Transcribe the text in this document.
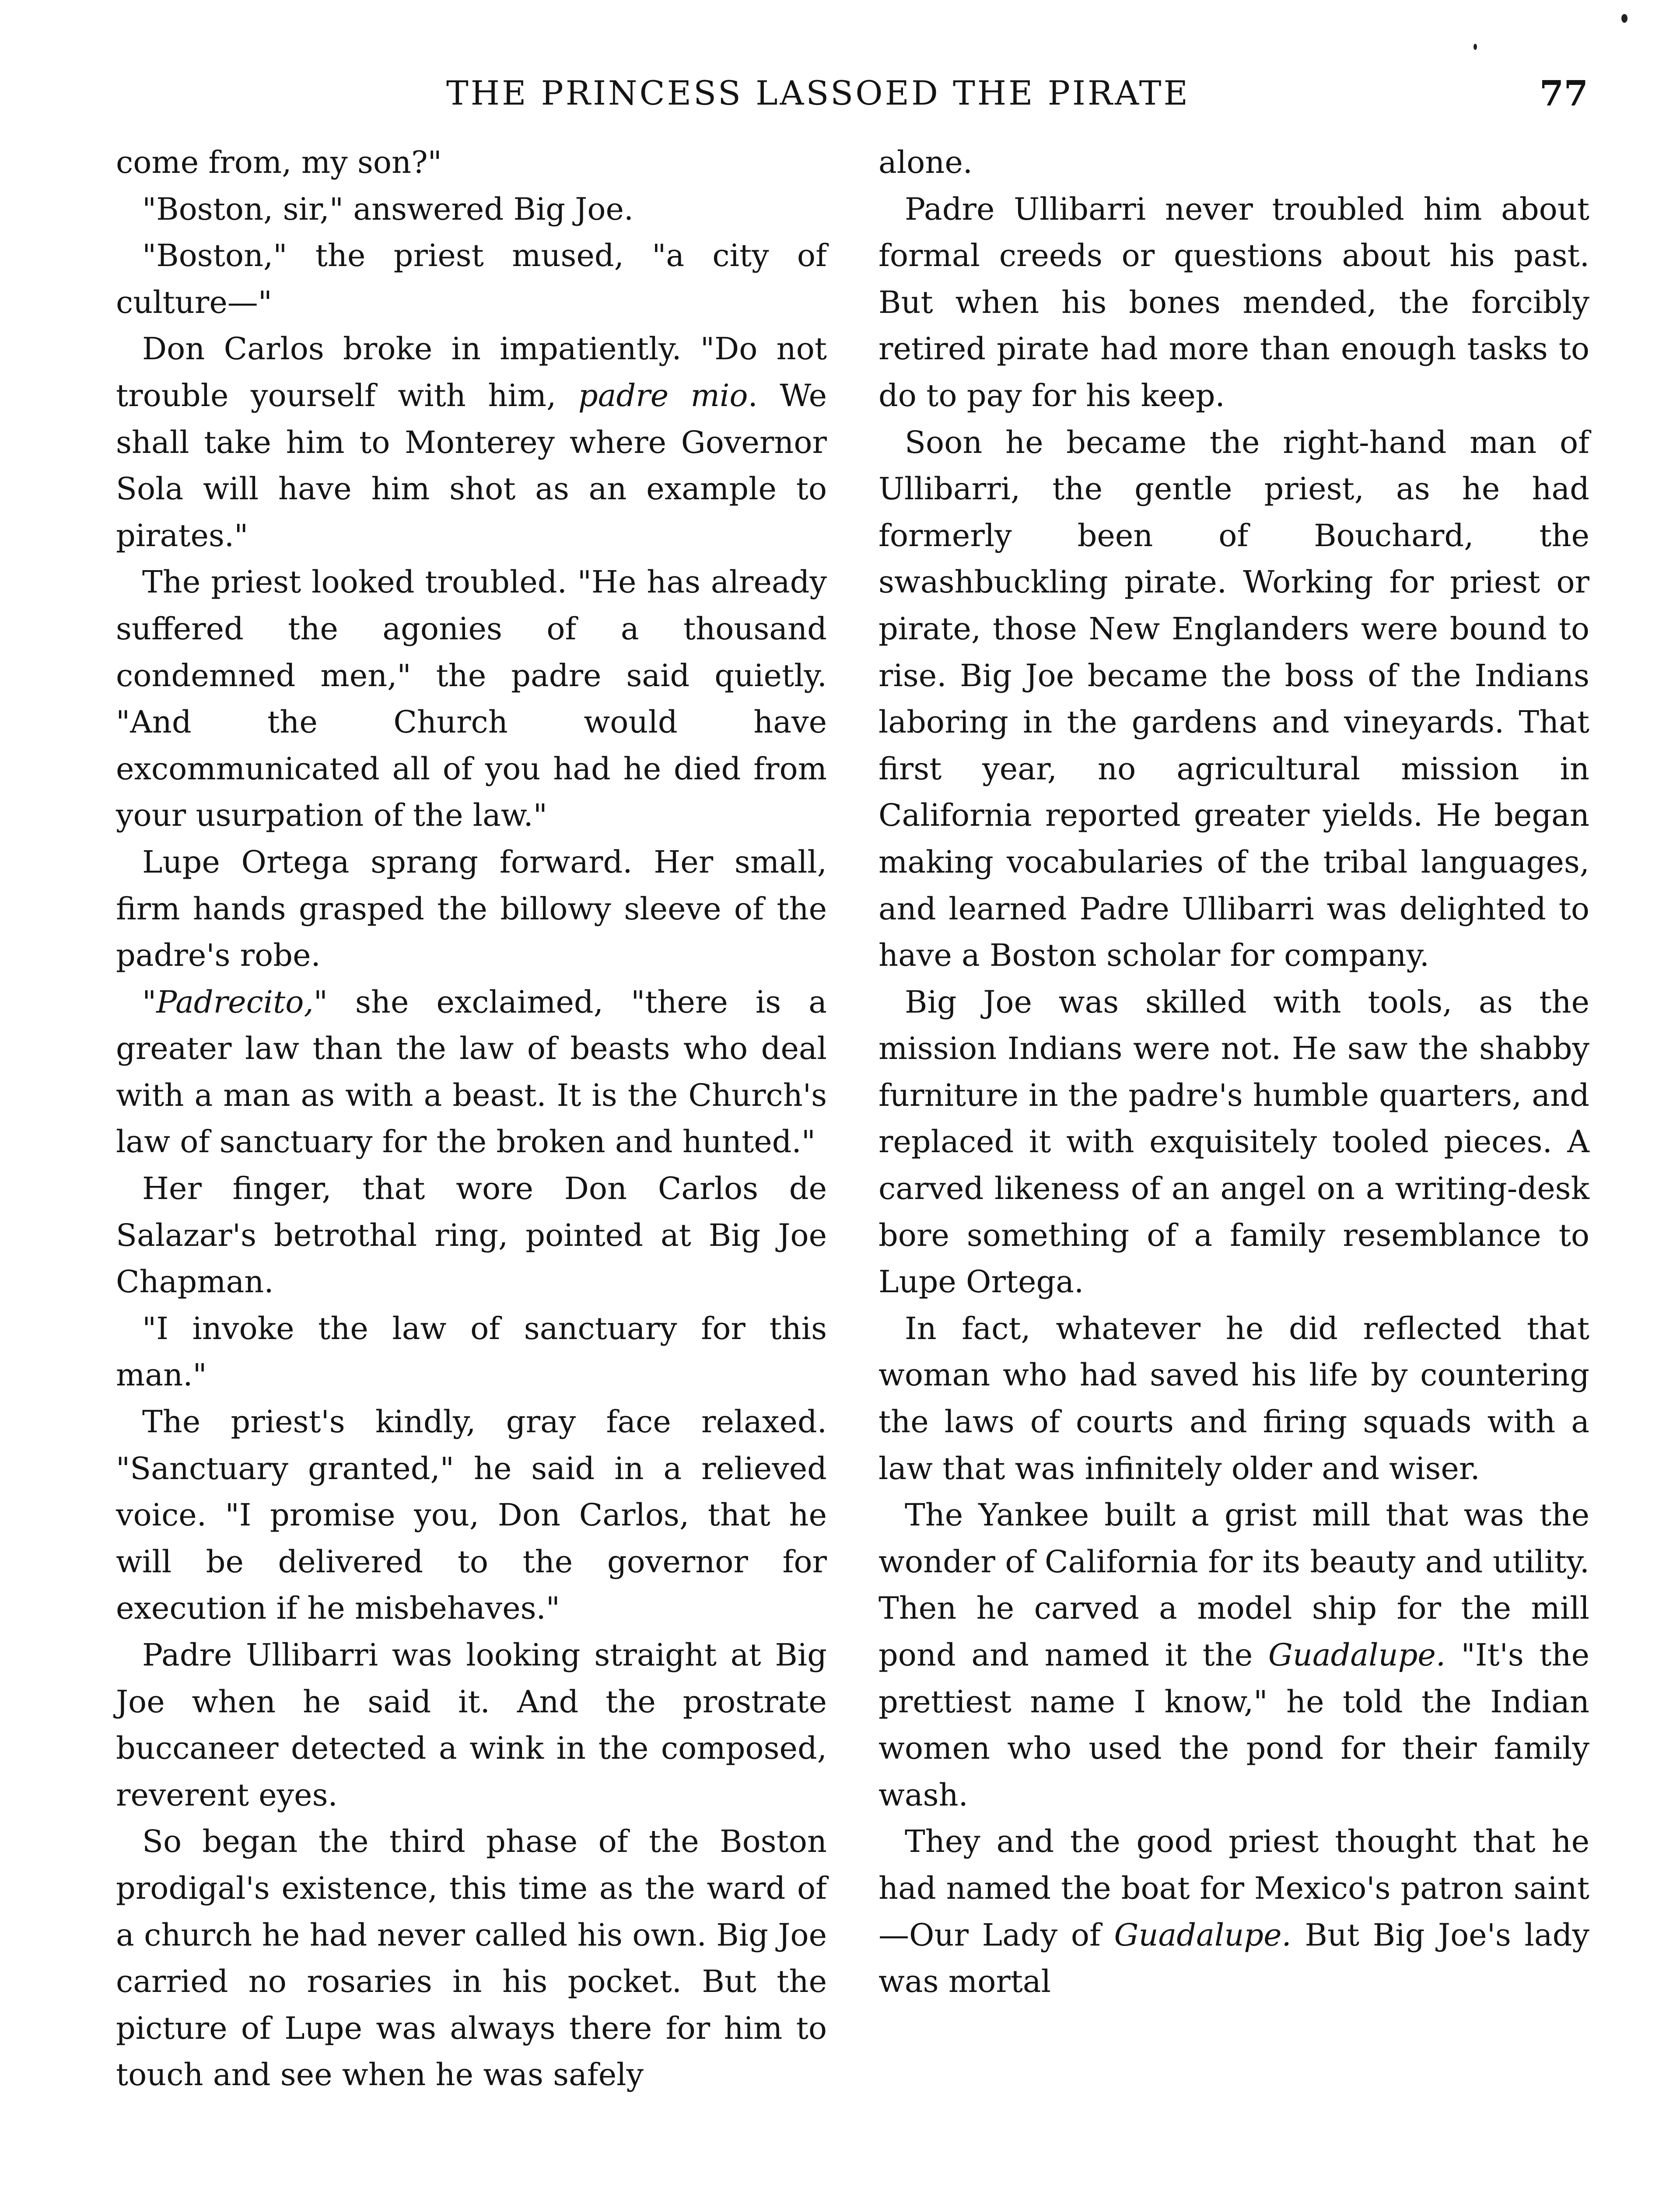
THE PRINCESS LASSOED THE PIRATE	77

come from, my son?"

"Boston, sir," answered Big Joe.

"Boston," the priest mused, "a city of culture—"

Don Carlos broke in impatiently. "Do not trouble yourself with him, padre mio. We shall take him to Monterey where Governor Sola will have him shot as an example to pirates."

The priest looked troubled. "He has already suffered the agonies of a thousand condemned men," the padre said quietly. "And the Church would have excommunicated all of you had he died from your usurpation of the law."

Lupe Ortega sprang forward. Her small, firm hands grasped the billowy sleeve of the padre's robe.

"Padrecito," she exclaimed, "there is a greater law than the law of beasts who deal with a man as with a beast. It is the Church's law of sanctuary for the broken and hunted."

Her finger, that wore Don Carlos de Salazar's betrothal ring, pointed at Big Joe Chapman.

"I invoke the law of sanctuary for this man."

The priest's kindly, gray face relaxed. "Sanctuary granted," he said in a relieved voice. "I promise you, Don Carlos, that he will be delivered to the governor for execution if he misbehaves."

Padre Ullibarri was looking straight at Big Joe when he said it. And the prostrate buccaneer detected a wink in the composed, reverent eyes.

So began the third phase of the Boston prodigal's existence, this time as the ward of a church he had never called his own. Big Joe carried no rosaries in his pocket. But the picture of Lupe was always there for him to touch and see when he was safely

alone.

Padre Ullibarri never troubled him about formal creeds or questions about his past. But when his bones mended, the forcibly retired pirate had more than enough tasks to do to pay for his keep.

Soon he became the right-hand man of Ullibarri, the gentle priest, as he had formerly been of Bouchard, the swashbuckling pirate. Working for priest or pirate, those New Englanders were bound to rise. Big Joe became the boss of the Indians laboring in the gardens and vineyards. That first year, no agricultural mission in California reported greater yields. He began making vocabularies of the tribal languages, and learned Padre Ullibarri was delighted to have a Boston scholar for company.

Big Joe was skilled with tools, as the mission Indians were not. He saw the shabby furniture in the padre's humble quarters, and replaced it with exquisitely tooled pieces. A carved likeness of an angel on a writing-desk bore something of a family resemblance to Lupe Ortega.

In fact, whatever he did reflected that woman who had saved his life by countering the laws of courts and firing squads with a law that was infinitely older and wiser.

The Yankee built a grist mill that was the wonder of California for its beauty and utility. Then he carved a model ship for the mill pond and named it the Guadalupe. "It's the prettiest name I know," he told the Indian women who used the pond for their family wash.

They and the good priest thought that he had named the boat for Mexico's patron saint—Our Lady of Guadalupe. But Big Joe's lady was mortal
